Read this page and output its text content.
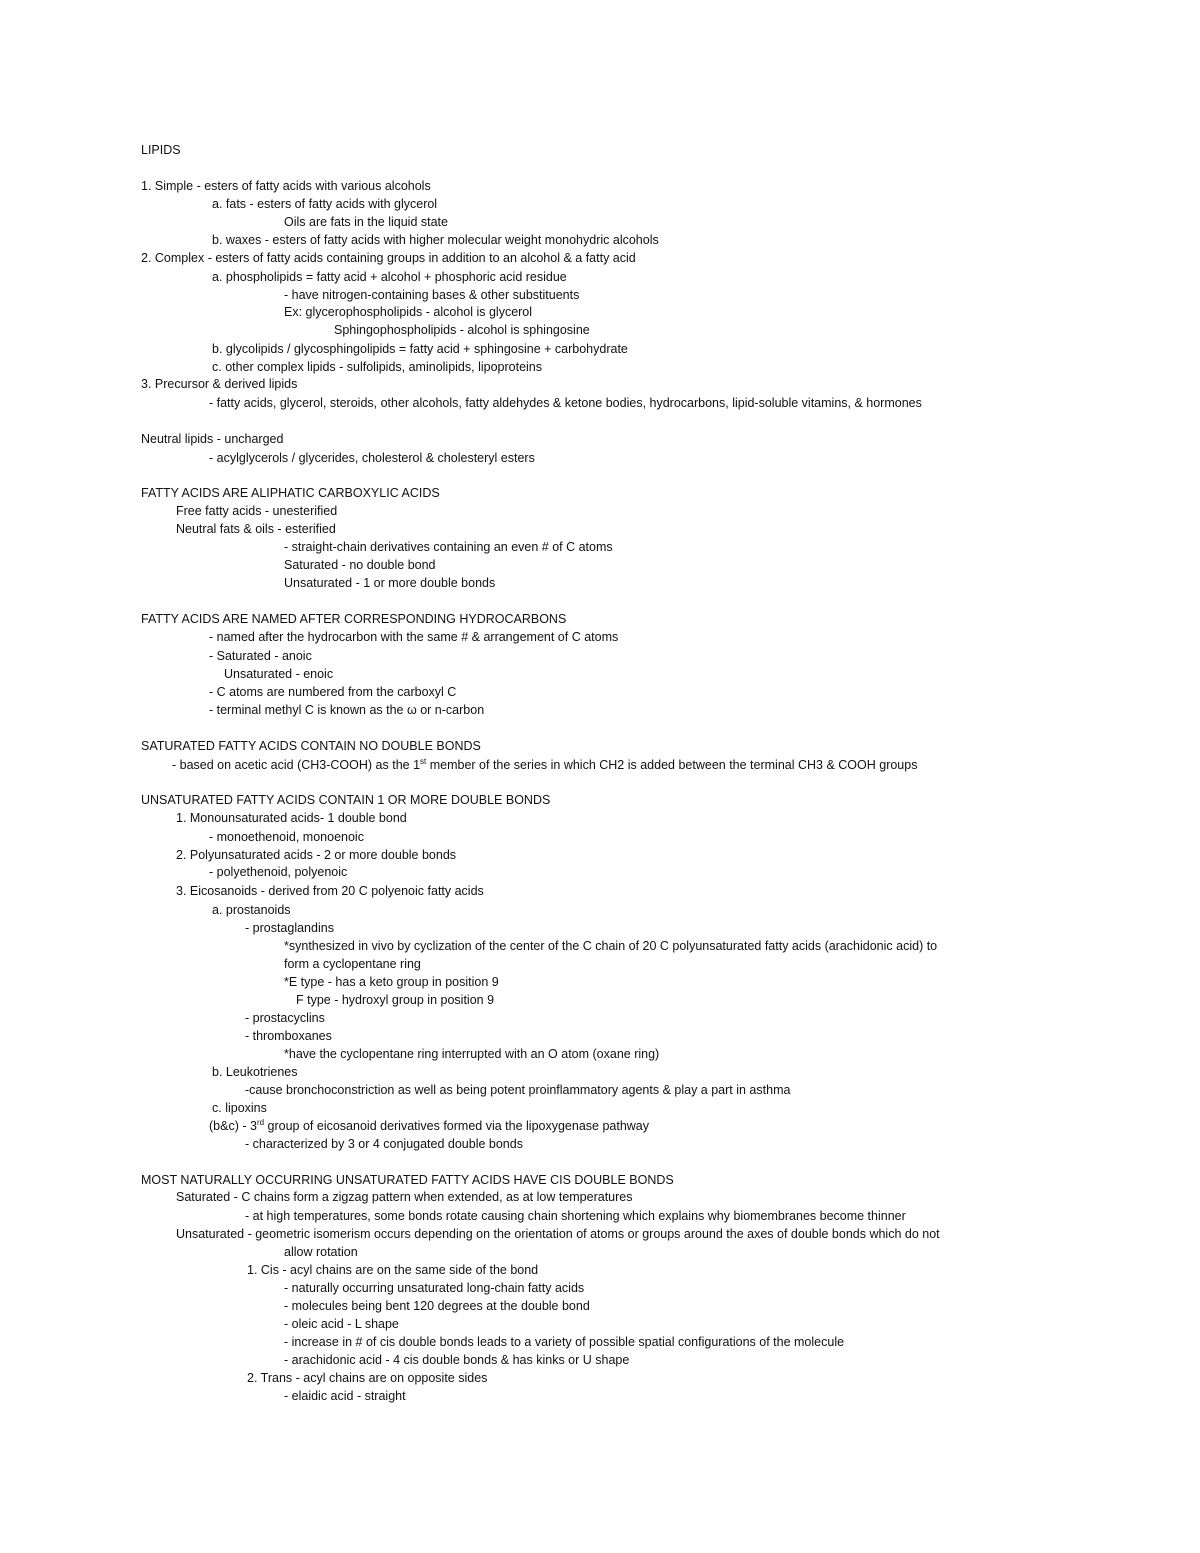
LIPIDS
1. Simple - esters of fatty acids with various alcohols
a. fats - esters of fatty acids with glycerol
Oils are fats in the liquid state
b. waxes - esters of fatty acids with higher molecular weight monohydric alcohols
2. Complex - esters of fatty acids containing groups in addition to an alcohol & a fatty acid
a. phospholipids = fatty acid + alcohol + phosphoric acid residue
- have nitrogen-containing bases & other substituents
Ex: glycerophospholipids - alcohol is glycerol
Sphingophospholipids - alcohol is sphingosine
b. glycolipids / glycosphingolipids = fatty acid + sphingosine + carbohydrate
c. other complex lipids - sulfolipids, aminolipids, lipoproteins
3. Precursor & derived lipids
- fatty acids, glycerol, steroids, other alcohols, fatty aldehydes & ketone bodies, hydrocarbons, lipid-soluble vitamins, & hormones
Neutral lipids - uncharged
- acylglycerols / glycerides, cholesterol & cholesteryl esters
FATTY ACIDS ARE ALIPHATIC CARBOXYLIC ACIDS
Free fatty acids - unesterified
Neutral fats & oils - esterified
- straight-chain derivatives containing an even # of C atoms
Saturated - no double bond
Unsaturated - 1 or more double bonds
FATTY ACIDS ARE NAMED AFTER CORRESPONDING HYDROCARBONS
- named after the hydrocarbon with the same # & arrangement of C atoms
- Saturated - anoic
Unsaturated - enoic
- C atoms are numbered from the carboxyl C
- terminal methyl C is known as the ω or n-carbon
SATURATED FATTY ACIDS CONTAIN NO DOUBLE BONDS
- based on acetic acid (CH3-COOH) as the 1st member of the series in which CH2 is added between the terminal CH3 & COOH groups
UNSATURATED FATTY ACIDS CONTAIN 1 OR MORE DOUBLE BONDS
1. Monounsaturated acids- 1 double bond
- monoethenoid, monoenoic
2. Polyunsaturated acids - 2 or more double bonds
- polyethenoid, polyenoic
3. Eicosanoids - derived from 20 C polyenoic fatty acids
a. prostanoids
- prostaglandins
*synthesized in vivo by cyclization of the center of the C chain of 20 C polyunsaturated fatty acids (arachidonic acid) to
form a cyclopentane ring
*E type - has a keto group in position 9
F type - hydroxyl group in position 9
- prostacyclins
- thromboxanes
*have the cyclopentane ring interrupted with an O atom (oxane ring)
b. Leukotrienes
-cause bronchoconstriction as well as being potent proinflammatory agents & play a part in asthma
c. lipoxins
(b&c) - 3rd group of eicosanoid derivatives formed via the lipoxygenase pathway
- characterized by 3 or 4 conjugated double bonds
MOST NATURALLY OCCURRING UNSATURATED FATTY ACIDS HAVE CIS DOUBLE BONDS
Saturated - C chains form a zigzag pattern when extended, as at low temperatures
- at high temperatures, some bonds rotate causing chain shortening which explains why biomembranes become thinner
Unsaturated - geometric isomerism occurs depending on the orientation of atoms or groups around the axes of double bonds which do not
allow rotation
1. Cis - acyl chains are on the same side of the bond
- naturally occurring unsaturated long-chain fatty acids
- molecules being bent 120 degrees at the double bond
- oleic acid - L shape
- increase in # of cis double bonds leads to a variety of possible spatial configurations of the molecule
- arachidonic acid - 4 cis double bonds & has kinks or U shape
2. Trans - acyl chains are on opposite sides
- elaidic acid - straight
